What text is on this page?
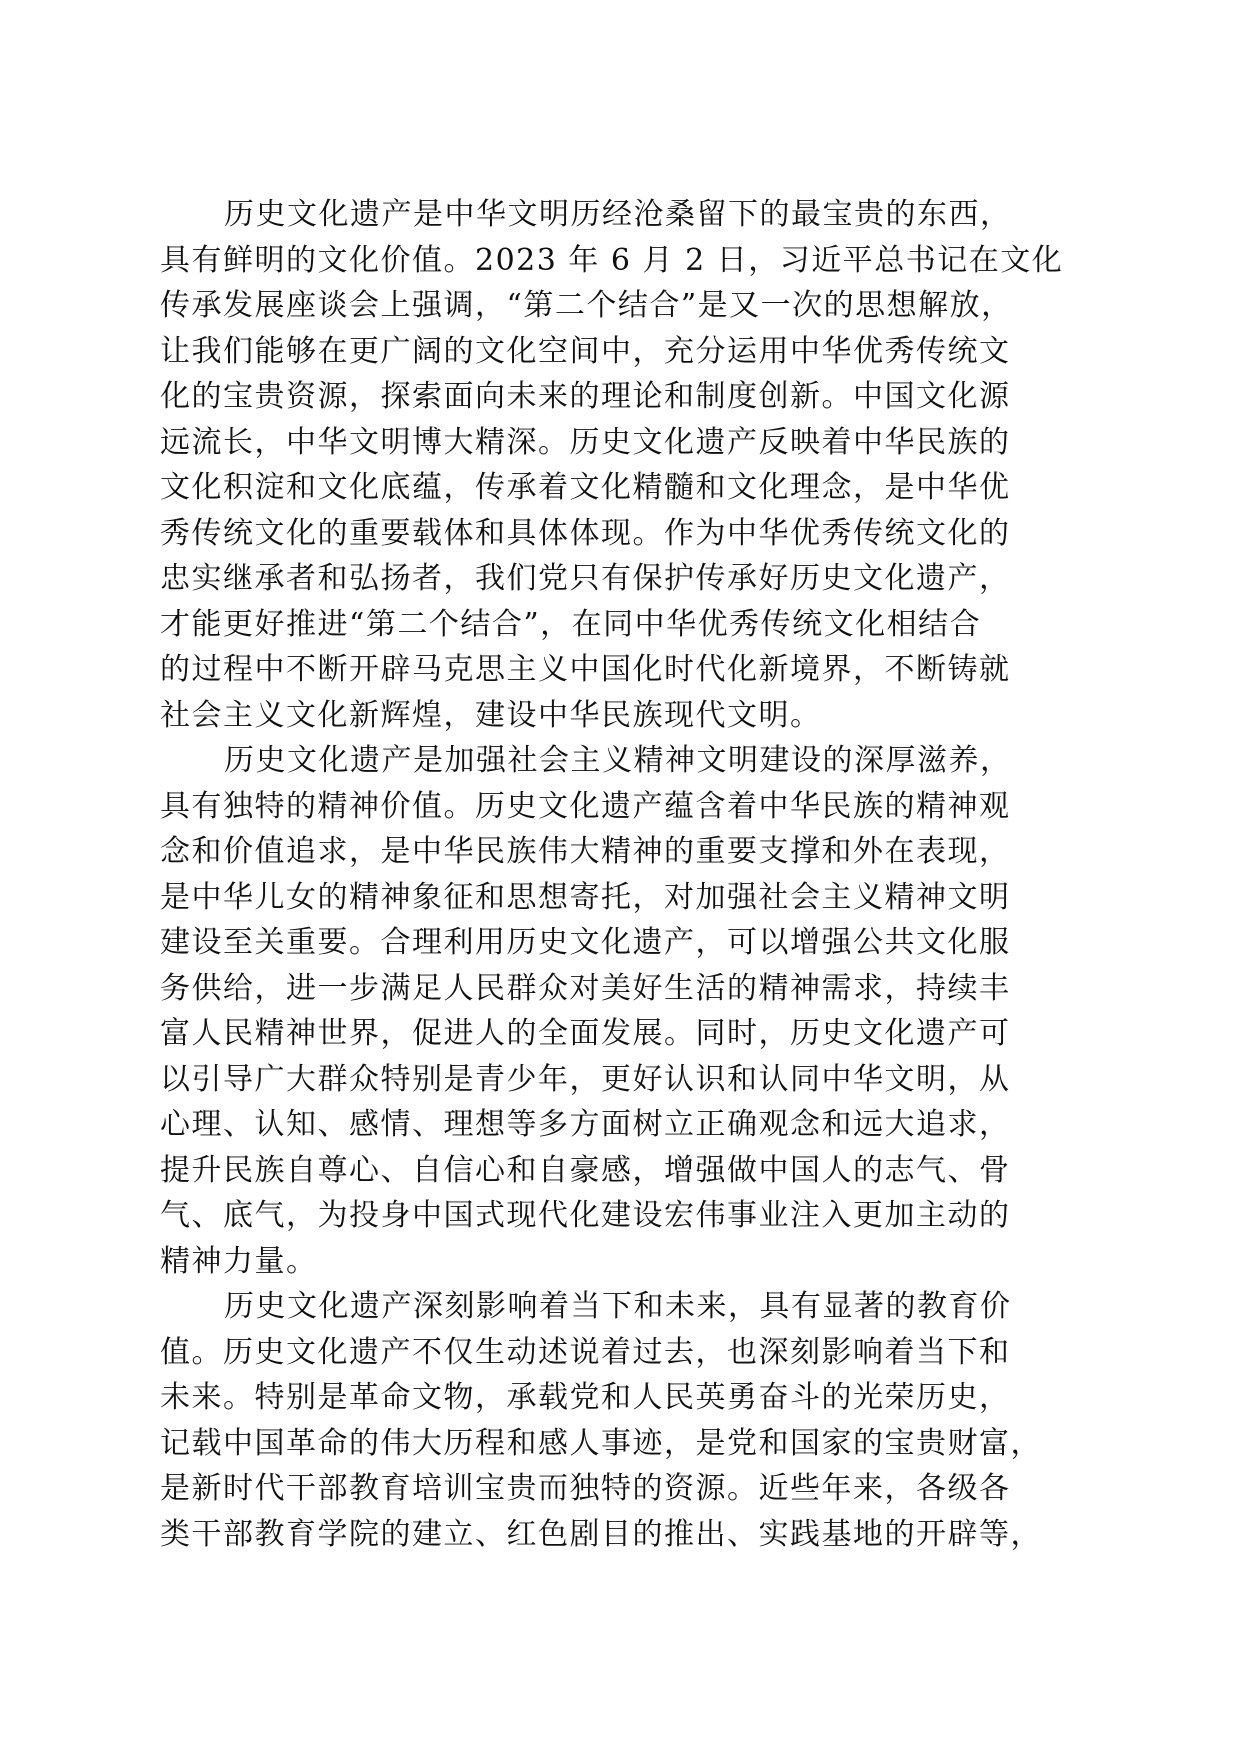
历史文化遗产是中华文明历经沧桑留下的最宝贵的东西，
具有鲜明的文化价值。2023 年 6 月 2 日，习近平总书记在文化
传承发展座谈会上强调，“第二个结合”是又一次的思想解放，
让我们能够在更广阔的文化空间中，充分运用中华优秀传统文
化的宝贵资源，探索面向未来的理论和制度创新。中国文化源
远流长，中华文明博大精深。历史文化遗产反映着中华民族的
文化积淀和文化底蕴，传承着文化精髓和文化理念，是中华优
秀传统文化的重要载体和具体体现。作为中华优秀传统文化的
忠实继承者和弘扬者，我们党只有保护传承好历史文化遗产，
才能更好推进“第二个结合”，在同中华优秀传统文化相结合
的过程中不断开辟马克思主义中国化时代化新境界，不断铸就
社会主义文化新辉煌，建设中华民族现代文明。

历史文化遗产是加强社会主义精神文明建设的深厚滋养，
具有独特的精神价值。历史文化遗产蕴含着中华民族的精神观
念和价值追求，是中华民族伟大精神的重要支撑和外在表现，
是中华儿女的精神象征和思想寄托，对加强社会主义精神文明
建设至关重要。合理利用历史文化遗产，可以增强公共文化服
务供给，进一步满足人民群众对美好生活的精神需求，持续丰
富人民精神世界，促进人的全面发展。同时，历史文化遗产可
以引导广大群众特别是青少年，更好认识和认同中华文明，从
心理、认知、感情、理想等多方面树立正确观念和远大追求，
提升民族自尊心、自信心和自豪感，增强做中国人的志气、骨
气、底气，为投身中国式现代化建设宏伟事业注入更加主动的
精神力量。

历史文化遗产深刻影响着当下和未来，具有显著的教育价
值。历史文化遗产不仅生动述说着过去，也深刻影响着当下和
未来。特别是革命文物，承载党和人民英勇奋斗的光荣历史，
记载中国革命的伟大历程和感人事迹，是党和国家的宝贵财富，
是新时代干部教育培训宝贵而独特的资源。近些年来，各级各
类干部教育学院的建立、红色剧目的推出、实践基地的开辟等，
